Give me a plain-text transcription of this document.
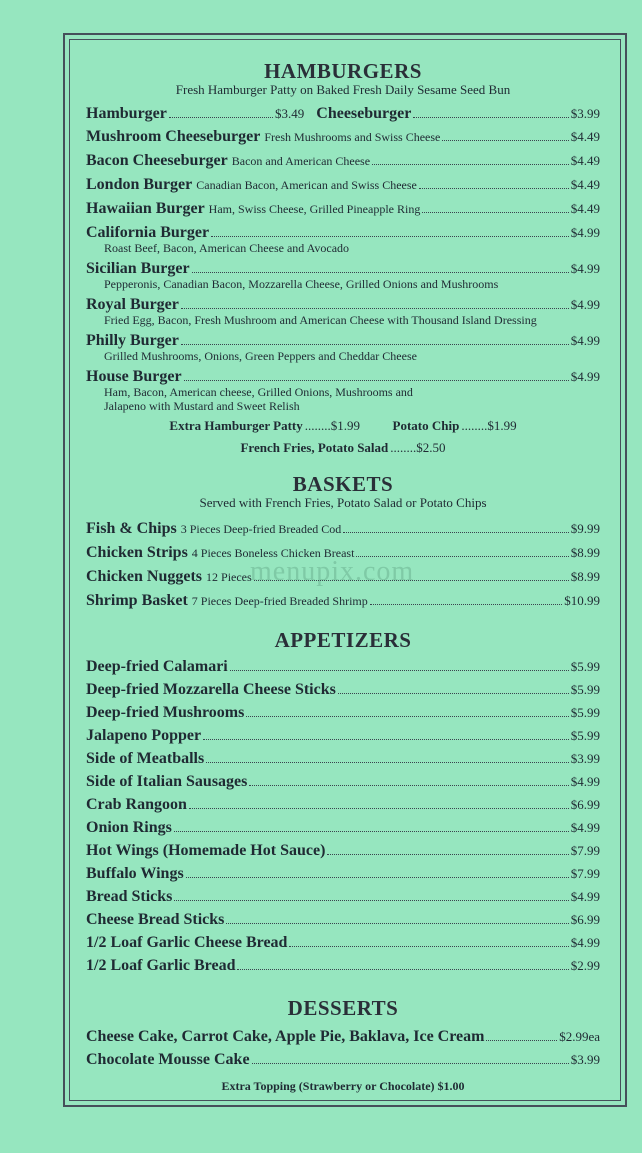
menupix.com
HAMBURGERS
Fresh Hamburger Patty on Baked Fresh Daily Sesame Seed Bun
Hamburger	$3.49 Cheeseburger	$3.99
Mushroom Cheeseburger Fresh Mushrooms and Swiss Cheese	$4.49
Bacon Cheeseburger Bacon and American Cheese	$4.49
London Burger Canadian Bacon, American and Swiss Cheese	$4.49
Hawaiian Burger Ham, Swiss Cheese, Grilled Pineapple Ring	$4.49
California Burger	$4.99
Roast Beef, Bacon, American Cheese and Avocado
Sicilian Burger	$4.99
Pepperonis, Canadian Bacon, Mozzarella Cheese, Grilled Onions and Mushrooms
Royal Burger	$4.99
Fried Egg, Bacon, Fresh Mushroom and American Cheese with Thousand Island Dressing
Philly Burger	$4.99
Grilled Mushrooms, Onions, Green Peppers and Cheddar Cheese
House Burger	$4.99
Ham, Bacon, American cheese, Grilled Onions, Mushrooms and
Jalapeno with Mustard and Sweet Relish
Extra Hamburger Patty ........$1.99	Potato Chip ........$1.99
French Fries, Potato Salad ........$2.50
BASKETS
Served with French Fries, Potato Salad or Potato Chips
Fish & Chips 3 Pieces Deep-fried Breaded Cod	$9.99
Chicken Strips 4 Pieces Boneless Chicken Breast	$8.99
Chicken Nuggets 12 Pieces	$8.99
Shrimp Basket 7 Pieces Deep-fried Breaded Shrimp	$10.99
APPETIZERS
Deep-fried Calamari	$5.99
Deep-fried Mozzarella Cheese Sticks	$5.99
Deep-fried Mushrooms	$5.99
Jalapeno Popper	$5.99
Side of Meatballs	$3.99
Side of Italian Sausages	$4.99
Crab Rangoon	$6.99
Onion Rings	$4.99
Hot Wings (Homemade Hot Sauce)	$7.99
Buffalo Wings	$7.99
Bread Sticks	$4.99
Cheese Bread Sticks	$6.99
1/2 Loaf Garlic Cheese Bread	$4.99
1/2 Loaf Garlic Bread	$2.99
DESSERTS
Cheese Cake, Carrot Cake, Apple Pie, Baklava, Ice Cream	$2.99ea
Chocolate Mousse Cake	$3.99
Extra Topping (Strawberry or Chocolate) $1.00
